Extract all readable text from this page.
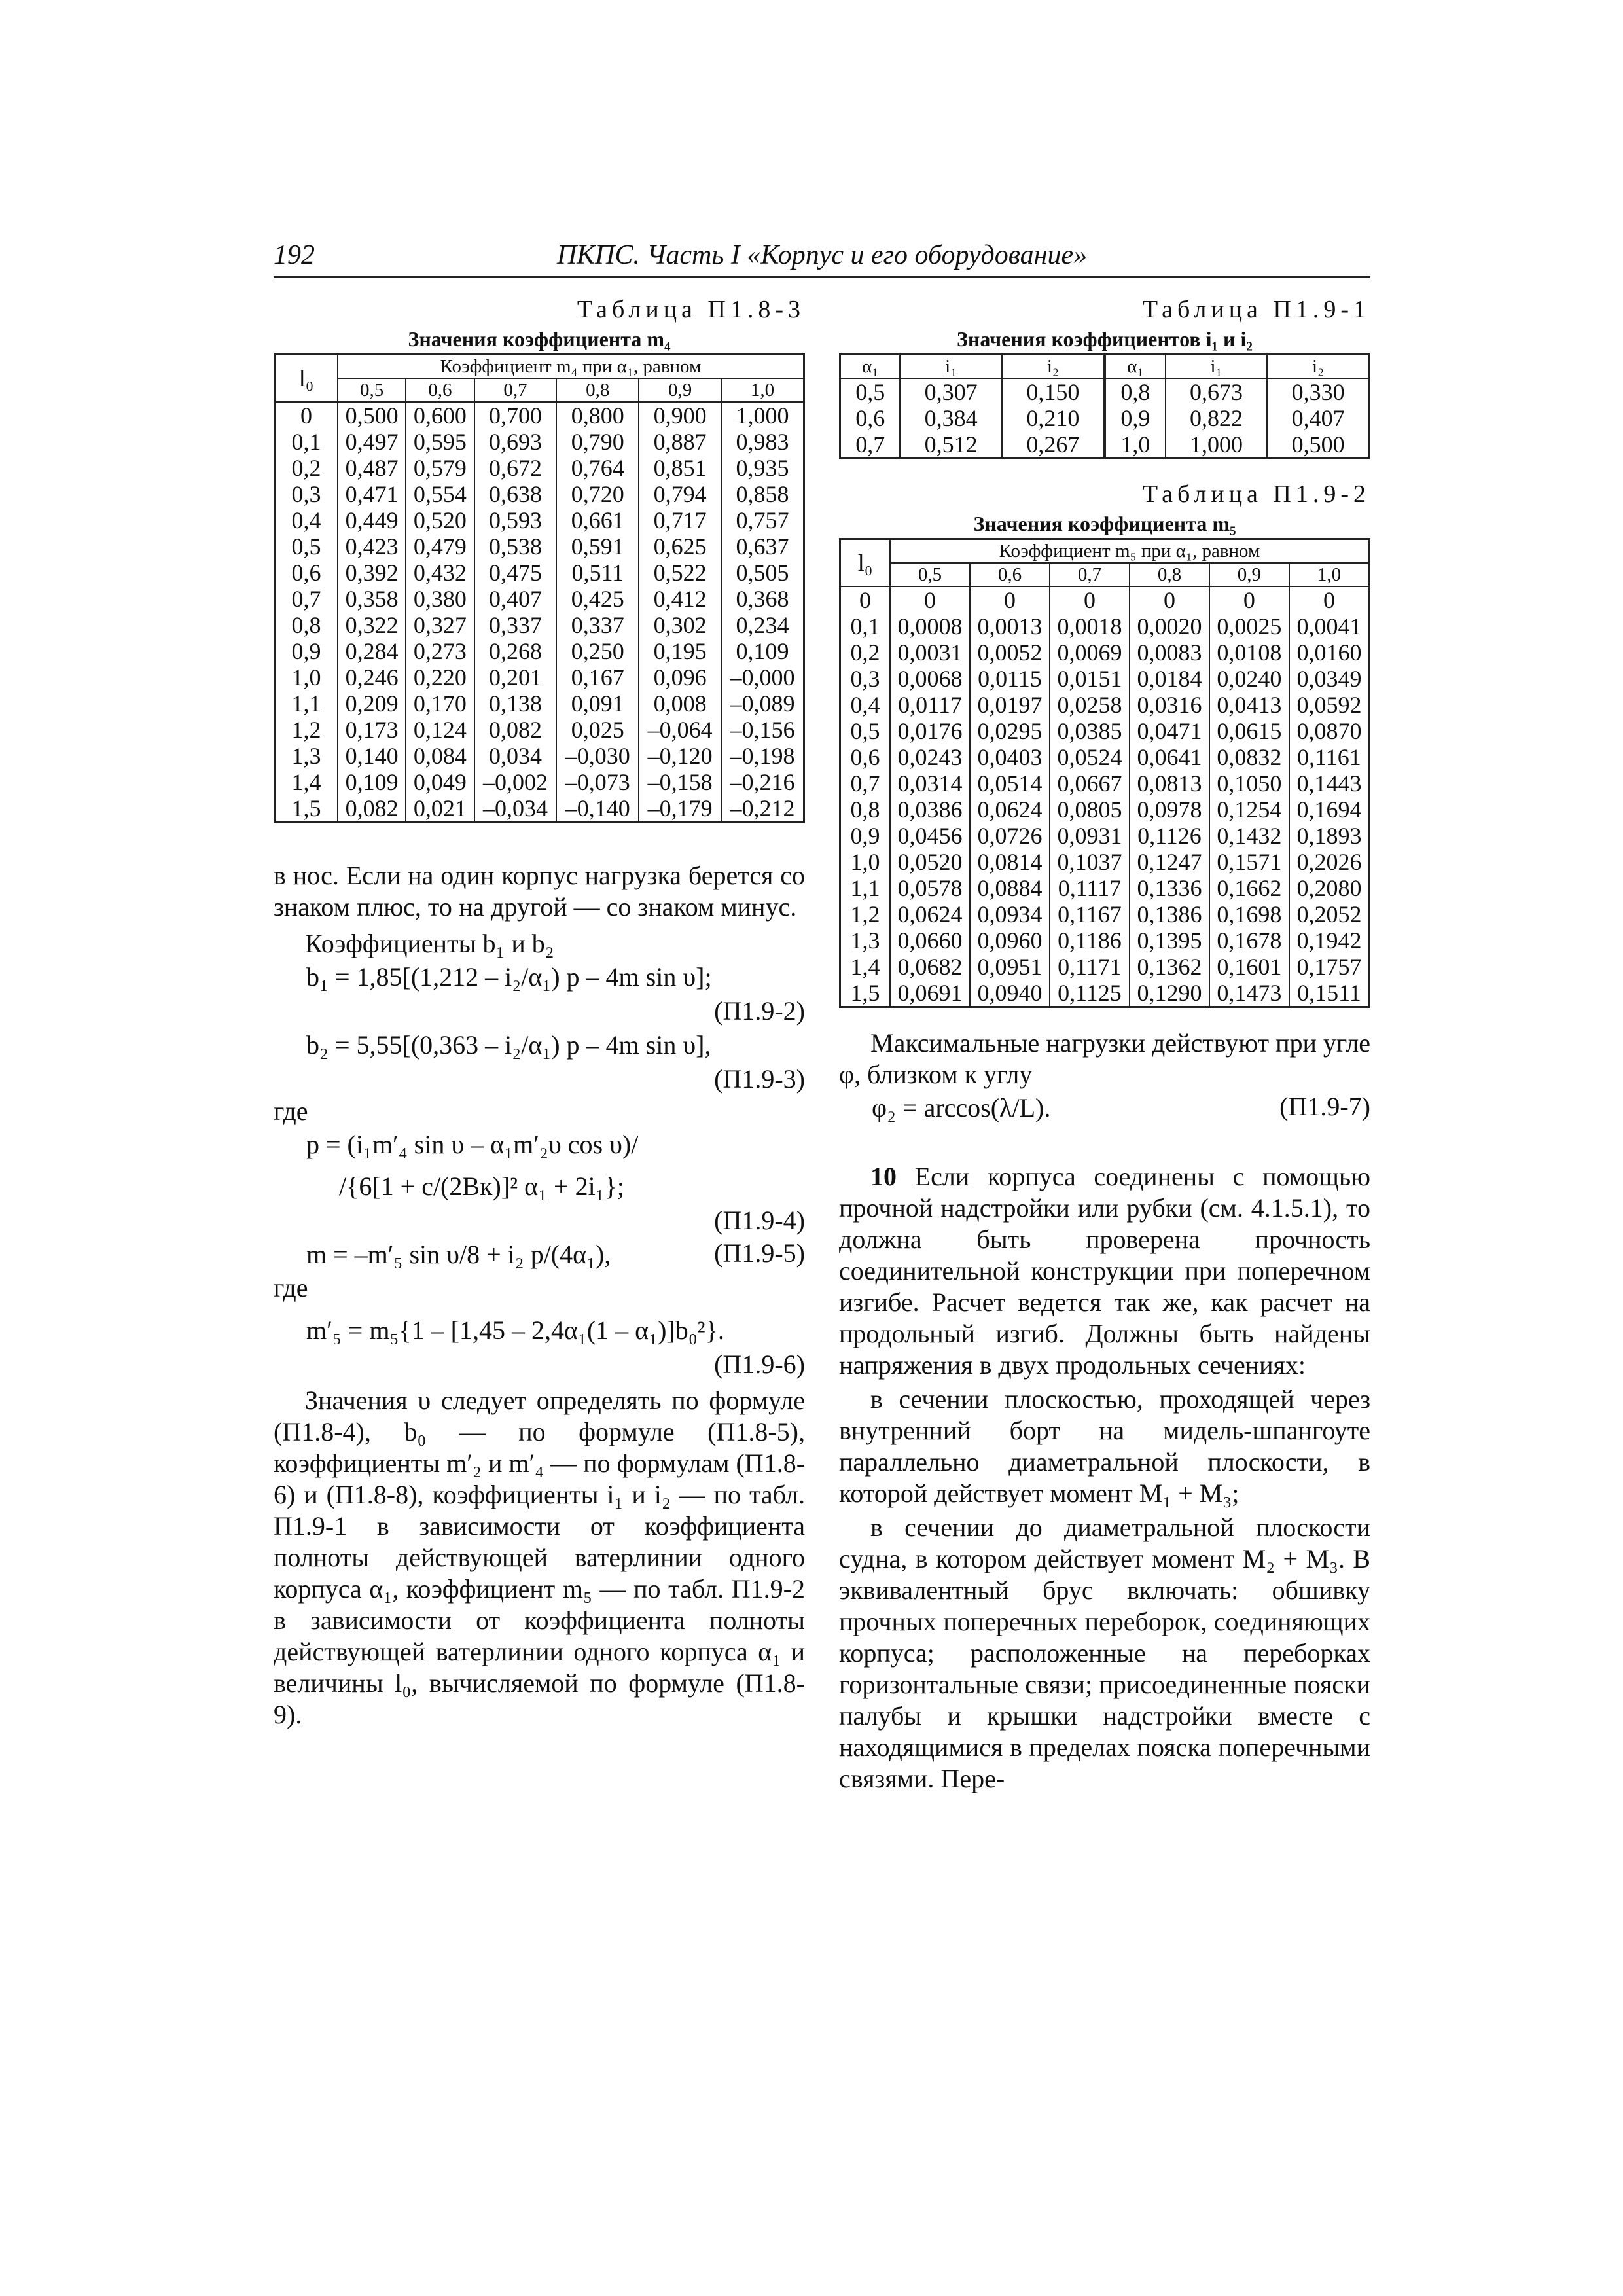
192	ПКПС. Часть I «Корпус и его оборудование»
Таблица П1.8-3
Значения коэффициента m₄
l₀	Коэффициент m₄ при α₁, равном					
	0,5	0,6	0,7	0,8	0,9	1,0
0	0,500	0,600	0,700	0,800	0,900	1,000
0,1	0,497	0,595	0,693	0,790	0,887	0,983
0,2	0,487	0,579	0,672	0,764	0,851	0,935
0,3	0,471	0,554	0,638	0,720	0,794	0,858
0,4	0,449	0,520	0,593	0,661	0,717	0,757
0,5	0,423	0,479	0,538	0,591	0,625	0,637
0,6	0,392	0,432	0,475	0,511	0,522	0,505
0,7	0,358	0,380	0,407	0,425	0,412	0,368
0,8	0,322	0,327	0,337	0,337	0,302	0,234
0,9	0,284	0,273	0,268	0,250	0,195	0,109
1,0	0,246	0,220	0,201	0,167	0,096	–0,000
1,1	0,209	0,170	0,138	0,091	0,008	–0,089
1,2	0,173	0,124	0,082	0,025	–0,064	–0,156
1,3	0,140	0,084	0,034	–0,030	–0,120	–0,198
1,4	0,109	0,049	–0,002	–0,073	–0,158	–0,216
1,5	0,082	0,021	–0,034	–0,140	–0,179	–0,212

в нос. Если на один корпус нагрузка берется со знаком плюс, то на другой — со знаком минус.

Коэффициенты b₁ и b₂

b₁ = 1,85[(1,212 – i₂/α₁) p – 4m sin υ];
(П1.9-2)
b₂ = 5,55[(0,363 – i₂/α₁) p – 4m sin υ],
(П1.9-3)

где

p = (i₁m′₄ sin υ – α₁m′₂υ cos υ)/
/{6[1 + c/(2Bк)]² α₁ + 2i₁};
(П1.9-4)
m = –m′₅ sin υ/8 + i₂ p/(4α₁),	(П1.9-5)

где

m′₅ = m₅{1 – [1,45 – 2,4α₁(1 – α₁)]b₀²}.
(П1.9-6)

Значения υ следует определять по формуле (П1.8-4), b₀ — по формуле (П1.8-5), коэффициенты m′₂ и m′₄ — по формулам (П1.8-6) и (П1.8-8), коэффициенты i₁ и i₂ — по табл. П1.9-1 в зависимости от коэффициента полноты действующей ватерлинии одного корпуса α₁, коэффициент m₅ — по табл. П1.9-2 в зависимости от коэффициента полноты действующей ватерлинии одного корпуса α₁ и величины l₀, вычисляемой по формуле (П1.8-9).

Таблица П1.9-1
Значения коэффициентов i₁ и i₂
α₁	i₁	i₂	α₁	i₁	i₂
0,5	0,307	0,150	0,8	0,673	0,330
0,6	0,384	0,210	0,9	0,822	0,407
0,7	0,512	0,267	1,0	1,000	0,500
Таблица П1.9-2
Значения коэффициента m₅
l₀	Коэффициент m₅ при α₁, равном					
	0,5	0,6	0,7	0,8	0,9	1,0
0	0	0	0	0	0	0
0,1	0,0008	0,0013	0,0018	0,0020	0,0025	0,0041
0,2	0,0031	0,0052	0,0069	0,0083	0,0108	0,0160
0,3	0,0068	0,0115	0,0151	0,0184	0,0240	0,0349
0,4	0,0117	0,0197	0,0258	0,0316	0,0413	0,0592
0,5	0,0176	0,0295	0,0385	0,0471	0,0615	0,0870
0,6	0,0243	0,0403	0,0524	0,0641	0,0832	0,1161
0,7	0,0314	0,0514	0,0667	0,0813	0,1050	0,1443
0,8	0,0386	0,0624	0,0805	0,0978	0,1254	0,1694
0,9	0,0456	0,0726	0,0931	0,1126	0,1432	0,1893
1,0	0,0520	0,0814	0,1037	0,1247	0,1571	0,2026
1,1	0,0578	0,0884	0,1117	0,1336	0,1662	0,2080
1,2	0,0624	0,0934	0,1167	0,1386	0,1698	0,2052
1,3	0,0660	0,0960	0,1186	0,1395	0,1678	0,1942
1,4	0,0682	0,0951	0,1171	0,1362	0,1601	0,1757
1,5	0,0691	0,0940	0,1125	0,1290	0,1473	0,1511

Максимальные нагрузки действуют при угле φ, близком к углу

φ₂ = arccos(λ/L).	(П1.9-7)

10 Если корпуса соединены с помощью прочной надстройки или рубки (см. 4.1.5.1), то должна быть проверена прочность соединительной конструкции при поперечном изгибе. Расчет ведется так же, как расчет на продольный изгиб. Должны быть найдены напряжения в двух продольных сечениях:

в сечении плоскостью, проходящей через внутренний борт на мидель-шпангоуте параллельно диаметральной плоскости, в которой действует момент M₁ + M₃;

в сечении до диаметральной плоскости судна, в котором действует момент M₂ + M₃. В эквивалентный брус включать: обшивку прочных поперечных переборок, соединяющих корпуса; расположенные на переборках горизонтальные связи; присоединенные пояски палубы и крышки надстройки вместе с находящимися в пределах пояска поперечными связями. Пере-
